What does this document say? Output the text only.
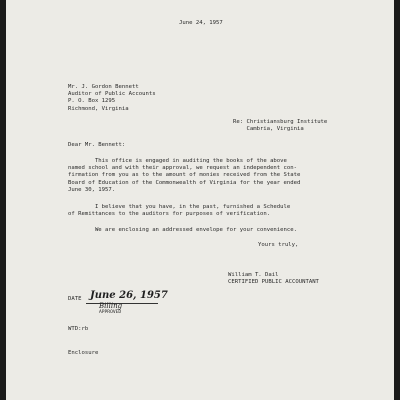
June 24, 1957
Mr. J. Gordon Bennett
Auditor of Public Accounts
P. O. Box 1295
Richmond, Virginia
Re: Christiansburg Institute
Cambria, Virginia
Dear Mr. Bennett:
This office is engaged in auditing the books of the above
named school and with their approval, we request an independent con-
firmation from you as to the amount of monies received from the State
Board of Education of the Commonwealth of Virginia for the year ended
June 30, 1957.
I believe that you have, in the past, furnished a Schedule
of Remittances to the auditors for purposes of verification.
We are enclosing an addressed envelope for your convenience.
Yours truly,
William T. Dail
CERTIFIED PUBLIC ACCOUNTANT
DATE June 26, 1957
Billing
APPROVED
WTD:rb
Enclosure
